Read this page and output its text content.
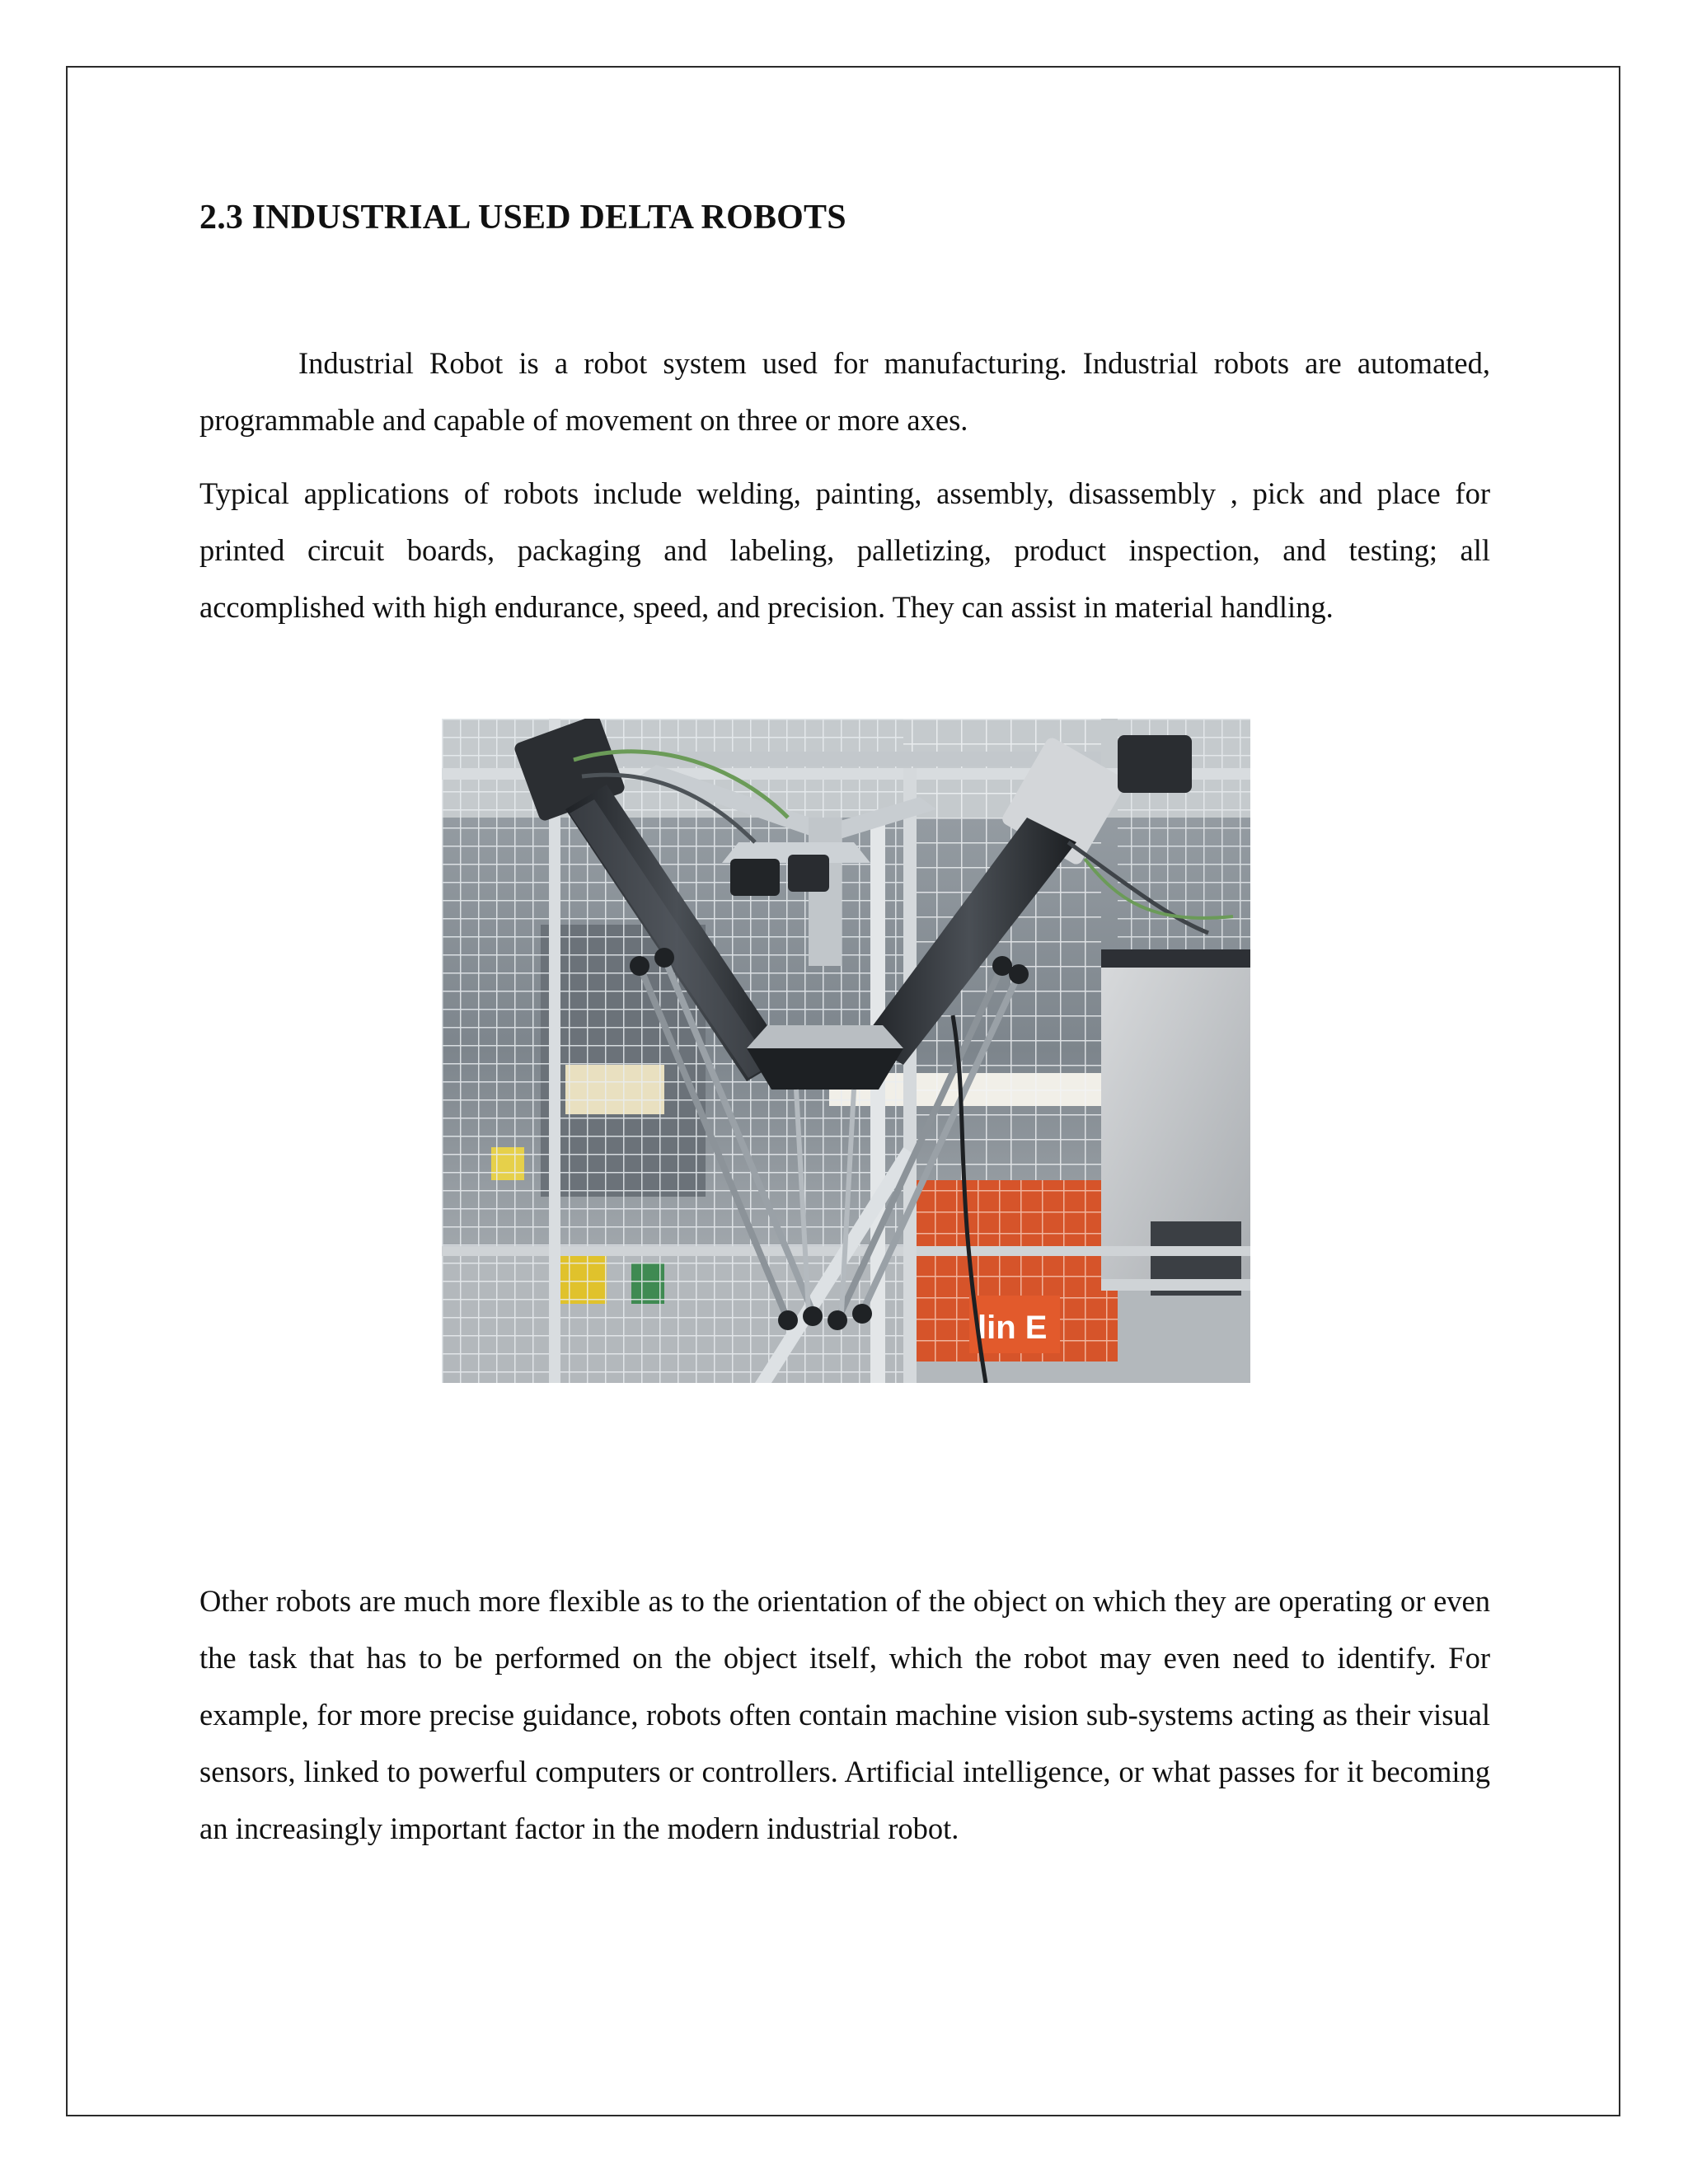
2.3 INDUSTRIAL USED DELTA ROBOTS

Industrial Robot is a robot system used for manufacturing. Industrial robots are automated, programmable and capable of movement on three or more axes.

Typical applications of robots include welding, painting, assembly, disassembly , pick and place for printed circuit boards, packaging and labeling, palletizing, product inspection, and testing; all accomplished with high endurance, speed, and precision. They can assist in material handling.

lin E

Other robots are much more flexible as to the orientation of the object on which they are operating or even the task that has to be performed on the object itself, which the robot may even need to identify. For example, for more precise guidance, robots often contain machine vision sub-systems acting as their visual sensors, linked to powerful computers or controllers. Artificial intelligence, or what passes for it becoming an increasingly important factor in the modern industrial robot.
